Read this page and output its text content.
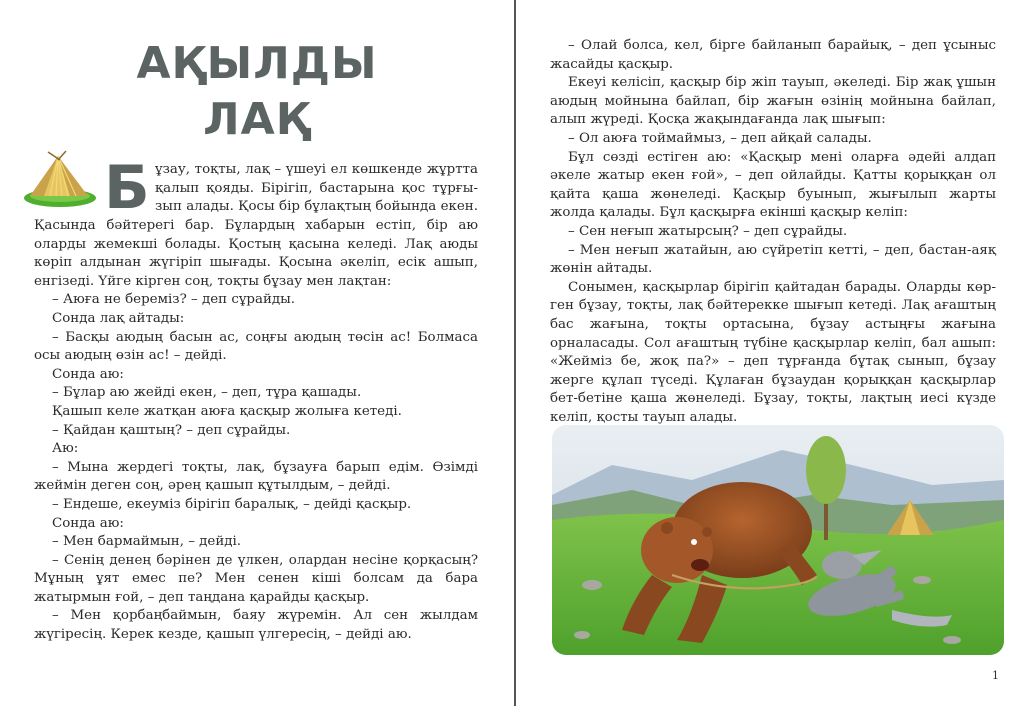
АҚЫЛДЫ
ЛАҚ
Б ұзау, тоқты, лақ – үшеуі ел көшкенде жұртта

қалып қояды. Бірігіп, бастарына қос тұрғы-

зып алады. Қосы бір бұлақтың бойында екен.

Қасында бәйтерегі бар. Бұлардың хабарын естіп, бір аю оларды жемекші болады. Қостың қасына келеді. Лақ аюды көріп алдынан жүгіріп шығады. Қосына әкеліп, есік ашып, енгізеді. Үйге кірген соң, тоқты бұзау мен лақтан:

– Аюға не береміз? – деп сұрайды.

Сонда лақ айтады:

– Басқы аюдың басын ас, соңғы аюдың төсін ас! Болмаса осы аюдың өзін ас! – дейді.

Сонда аю:

– Бұлар аю жейді екен, – деп, тұра қашады.

Қашып келе жатқан аюға қасқыр жолыға кетеді.

– Қайдан қаштың? – деп сұрайды.

Аю:

– Мына жердегі тоқты, лақ, бұзауға барып едім. Өзімді жеймін деген соң, әрең қашып құтылдым, – дейді.

– Ендеше, екеуміз бірігіп баралық, – дейді қасқыр.

Сонда аю:

– Мен бармаймын, – дейді.

– Сенің денең бәрінен де үлкен, олардан несіне қорқасың? Мұның ұят емес пе? Мен сенен кіші болсам да бара жатырмын ғой, – деп таңдана қарайды қасқыр.

– Мен қорбаңбаймын, баяу жүремін. Ал сен жылдам жүгіресің. Керек кезде, қашып үлгересің, – дейді аю.

– Олай болса, кел, бірге байланып барайық, – деп ұсыныс жасайды қасқыр.

Екеуі келісіп, қасқыр бір жіп тауып, әкеледі. Бір жақ ұшын аюдың мойнына байлап, бір жағын өзінің мойнына байлап, алып жүреді. Қосқа жақындағанда лақ шығып:

– Ол аюға тоймаймыз, – деп айқай салады.

Бұл сөзді естіген аю: «Қасқыр мені оларға әдейі алдап әкеле жатыр екен ғой», – деп ойлайды. Қатты қорыққан ол қайта қаша жөнеледі. Қасқыр буынып, жығылып жарты жолда қалады. Бұл қасқырға екінші қасқыр келіп:

– Сен неғып жатырсың? – деп сұрайды.

– Мен неғып жатайын, аю сүйретіп кетті, – деп, бастан-аяқ жөнін айтады.

Сонымен, қасқырлар бірігіп қайтадан барады. Оларды көрген бұзау, тоқты, лақ бәйтерекке шығып кетеді. Лақ ағаштың бас жағына, тоқты ортасына, бұзау астыңғы жағына орналасады. Сол ағаштың түбіне қасқырлар келіп, бал ашып: «Жейміз бе, жоқ па?» – деп тұрғанда бұтақ сынып, бұзау жерге құлап түседі. Құлаған бұзаудан қорыққан қасқырлар бет-бетіне қаша жөнеледі. Бұзау, тоқты, лақтың иесі күзде келіп, қосты тауып алады.

1
